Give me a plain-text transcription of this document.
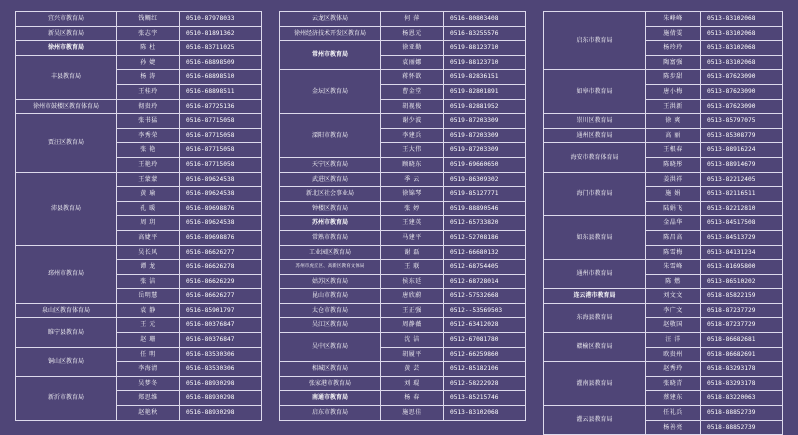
宜兴市教育局	钱鲷红	0510-87978033
新吴区教育局	张志宇	0510-81891362
徐州市教育局	陈 杜	0516-83711025
丰县教育局	孙 婕	0516-68898509
	杨 涛	0516-68898510
	王桂玲	0516-68898511
徐州市鼓楼区教育体育局	彻贵玲	0516-87725136
贾汪区教育局	张书猛	0516-87715058
	李秀荣	0516-87715058
	张 艳	0516-87715058
	王艳玲	0516-87715058
沛县教育局	王蒙蒙	0516-89624538
	黄 瑜	0516-89624538
	孔 暖	0516-89698876
	周 玥	0516-89624538
	高婕平	0516-89698876
邳州市教育局	吴长风	0516-86626277
	谭 龙	0516-86626278
	张 洁	0516-86626229
	岳明慧	0516-86626277
泉山区教育体育局	袁 静	0516-85901797
睢宁县教育局	王 元	0516-80376847
	赵 珊	0516-80376847
铜山区教育局	任 明	0516-83530306
	李海清	0516-83530306
新沂市教育局	吴梦冬	0516-88930298
	郑思维	0516-88930298
	赵艳秋	0516-88930298
云龙区教体局	何 萍	0516-80803408
徐州经济技术开发区教育局	杨恩元	0516-83255576
常州市教育局	徐亚勤	0519-88123710
	袁丽娜	0519-88123710
金坛区教育局	蒋怀欲	0519-82836151
	曹金堂	0519-82801891
	胡视俊	0519-82881952
溧阳市教育局	谢少波	0519-87203309
	李建兵	0519-87203309
	王大伟	0519-87203309
天宁区教育局	顾晓东	0519-69660650
武进区教育局	季 云	0519-86309302
新北区社会事业局	徐锦琴	0519-85127771
钟楼区教育局	张 婷	0519-88890546
苏州市教育局	王建英	0512-65733820
常熟市教育局	马建平	0512-52708186
工业园区教育局	谢 磊	0512-66680132
苏州市虎丘区、高新区教育文体局	王 联	0512-68754405
姑苏区教育局	侯东廷	0512-68728014
昆山市教育局	唐欣蔚	0512-57532668
太仓市教育局	王正强	0512--53569503
吴江区教育局	周静薇	0512-63412028
吴中区教育局	沈 洁	0512-67081780
	胡履平	0512-66259860
相城区教育局	黄 芸	0512-85182106
张家港市教育局	刘 琨	0512-58222928
南通市教育局	杨 春	0513-85215746
启东市教育局	施思佳	0513-83102068
启东市教育局	朱峰峰	0513-83102068
	施倩雯	0513-83102068
	杨玲玲	0513-83102068
	陶富强	0513-83102068
如皋市教育局	陈步甜	0513-87623090
	唐小梅	0513-87623090
	王洪新	0513-87623090
崇川区教育局	徐 爽	0513-85797075
通州区教育局	高 丽	0513-85308779
海安市教育体育局	王根春	0513-88916224
	陈晓彤	0513-88914679
海门市教育局	姜洪祥	0513-82212405
	施 娟	0513-82116511
	陆娟飞	0513-82212810
如东县教育局	金晶华	0513-84517508
	陈昌高	0513-84513729
	陈雪梅	0513-84131234
通州市教育局	朱雪峰	0513-81695800
	陈 燃	0513-86510202
连云港市教育局	刘文文	0518-85822159
东海县教育局	李广文	0518-87237729
	赵敬国	0518-87237729
赣榆区教育局	汪 洋	0518-86682681
	欧贵州	0518-86682691
灌南县教育局	赵秀玲	0518-83293178
	张晓青	0518-83293178
	蔡建东	0518-83220063
灌云县教育局	任礼兵	0518-88852739
	杨善亮	0518-88852739
